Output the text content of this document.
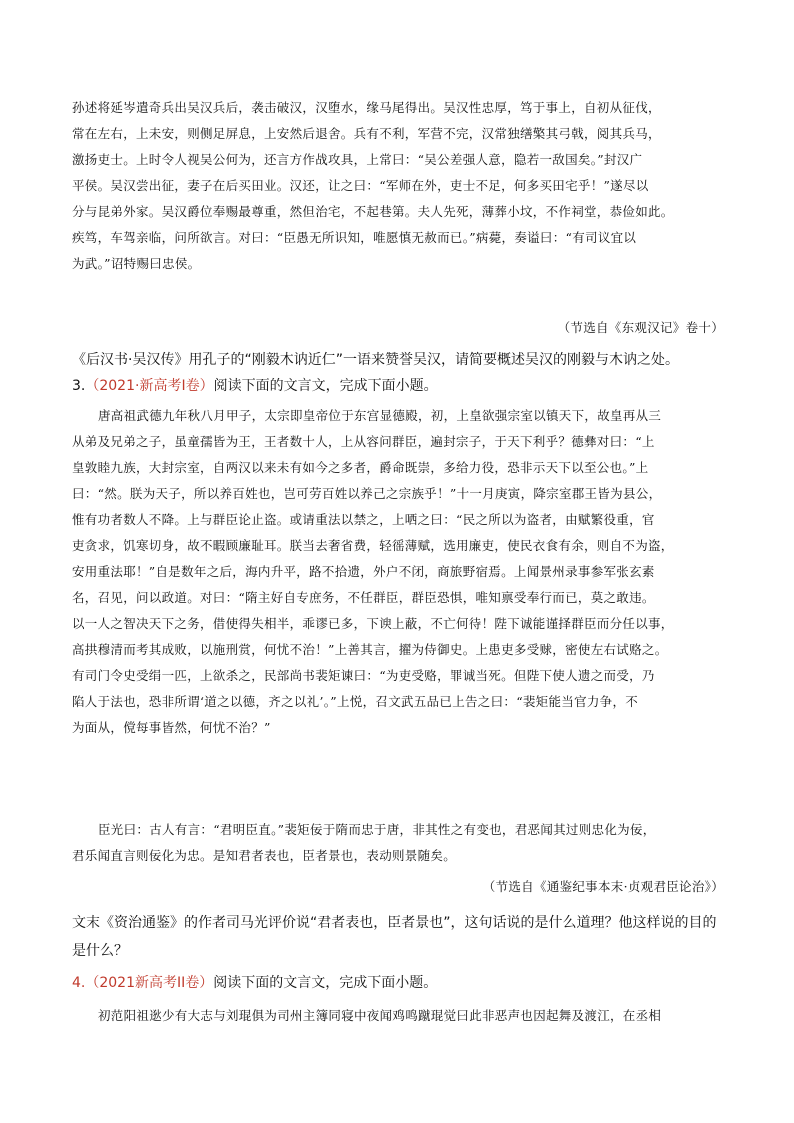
孙述将延岑遣奇兵出吴汉兵后，袭击破汉，汉堕水，缘马尾得出。吴汉性忠厚，笃于事上，自初从征伐，
常在左右，上未安，则侧足屏息，上安然后退舍。兵有不利，军营不完，汉常独缮檠其弓戟，阅其兵马，
激扬吏士。上时令人视吴公何为，还言方作战攻具，上常曰：“吴公差强人意，隐若一敌国矣。”封汉广
平侯。吴汉尝出征，妻子在后买田业。汉还，让之曰：“军师在外，吏士不足，何多买田宅乎！”遂尽以
分与昆弟外家。吴汉爵位奉赐最尊重，然但治宅，不起巷第。夫人先死，薄葬小坟，不作祠堂，恭俭如此。
疾笃，车驾亲临，问所欲言。对曰：“臣愚无所识知，唯愿慎无赦而已。”病薨，奏谥曰：“有司议宜以
为武。”诏特赐曰忠侯。
（节选自《东观汉记》卷十）
《后汉书·吴汉传》用孔子的“刚毅木讷近仁”一语来赞誉吴汉，请简要概述吴汉的刚毅与木讷之处。
3.（2021·新高考I卷）阅读下面的文言文，完成下面小题。
唐高祖武德九年秋八月甲子，太宗即皇帝位于东宫显德殿，初，上皇欲强宗室以镇天下，故皇再从三
从弟及兄弟之子，虽童孺皆为王，王者数十人，上从容问群臣，遍封宗子，于天下利乎？德彝对曰：“上
皇敦睦九族，大封宗室，自两汉以来未有如今之多者，爵命既崇，多给力役，恐非示天下以至公也。”上
曰：“然。朕为天子，所以养百姓也，岂可劳百姓以养己之宗族乎！”十一月庚寅，降宗室郡王皆为县公，
惟有功者数人不降。上与群臣论止盗。或请重法以禁之，上哂之曰：“民之所以为盗者，由赋繁役重，官
吏贪求，饥寒切身，故不暇顾廉耻耳。朕当去奢省费，轻徭薄赋，选用廉吏，使民衣食有余，则自不为盗，
安用重法耶！”自是数年之后，海内升平，路不拾遗，外户不闭，商旅野宿焉。上闻景州录事参军张玄素
名，召见，问以政道。对曰：“隋主好自专庶务，不任群臣，群臣恐惧，唯知禀受奉行而已，莫之敢违。
以一人之智决天下之务，借使得失相半，乖谬已多，下谀上蔽，不亡何待！陛下诚能谨择群臣而分任以事，
高拱穆清而考其成败，以施刑赏，何忧不治！”上善其言，擢为侍御史。上患吏多受赇，密使左右试赂之。
有司门令史受绢一匹，上欲杀之，民部尚书裴矩谏曰：“为吏受赂，罪诚当死。但陛下使人遗之而受，乃
陷人于法也，恐非所谓‘道之以德，齐之以礼’。”上悦，召文武五品已上告之曰：“裴矩能当官力争，不
为面从，傥每事皆然，何忧不治？”
臣光曰：古人有言：“君明臣直。”裴矩佞于隋而忠于唐，非其性之有变也，君恶闻其过则忠化为佞，
君乐闻直言则佞化为忠。是知君者表也，臣者景也，表动则景随矣。
（节选自《通鉴纪事本末·贞观君臣论治》）
文末《资治通鉴》的作者司马光评价说“君者表也，臣者景也”，这句话说的是什么道理？他这样说的目的
是什么？
4.（2021新高考II卷）阅读下面的文言文，完成下面小题。
初范阳祖逖少有大志与刘琨俱为司州主簿同寝中夜闻鸡鸣蹴琨觉曰此非恶声也因起舞及渡江，在丞相
